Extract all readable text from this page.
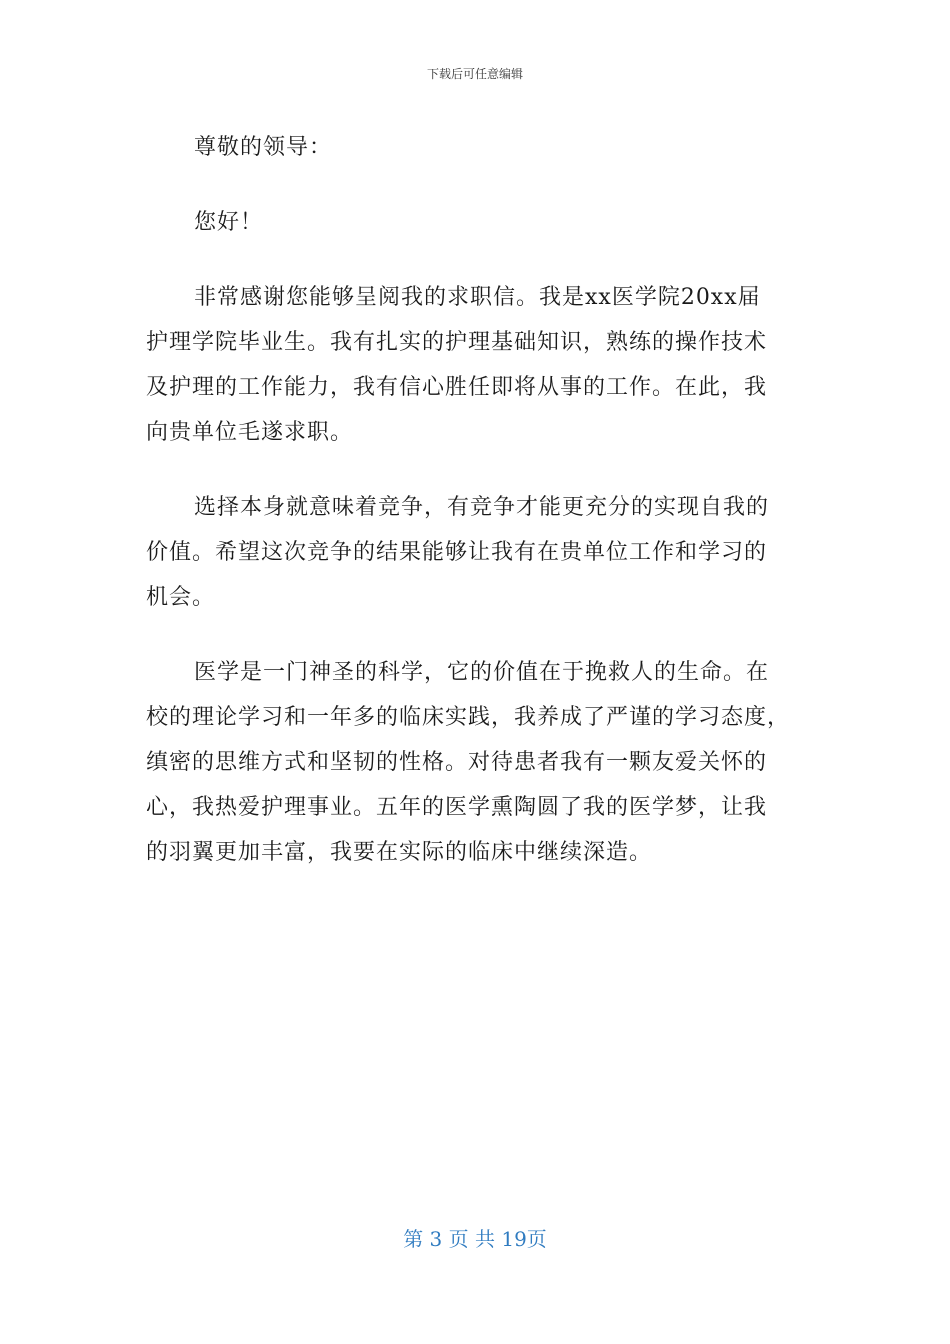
下载后可任意编辑

尊敬的领导：

您好！

非常感谢您能够呈阅我的求职信。我是xx医学院20xx届
护理学院毕业生。我有扎实的护理基础知识，熟练的操作技术
及护理的工作能力，我有信心胜任即将从事的工作。在此，我
向贵单位毛遂求职。

选择本身就意味着竞争，有竞争才能更充分的实现自我的
价值。希望这次竞争的结果能够让我有在贵单位工作和学习的
机会。

医学是一门神圣的科学，它的价值在于挽救人的生命。在
校的理论学习和一年多的临床实践，我养成了严谨的学习态度，
缜密的思维方式和坚韧的性格。对待患者我有一颗友爱关怀的
心，我热爱护理事业。五年的医学熏陶圆了我的医学梦，让我
的羽翼更加丰富，我要在实际的临床中继续深造。

第 3 页 共 19页
